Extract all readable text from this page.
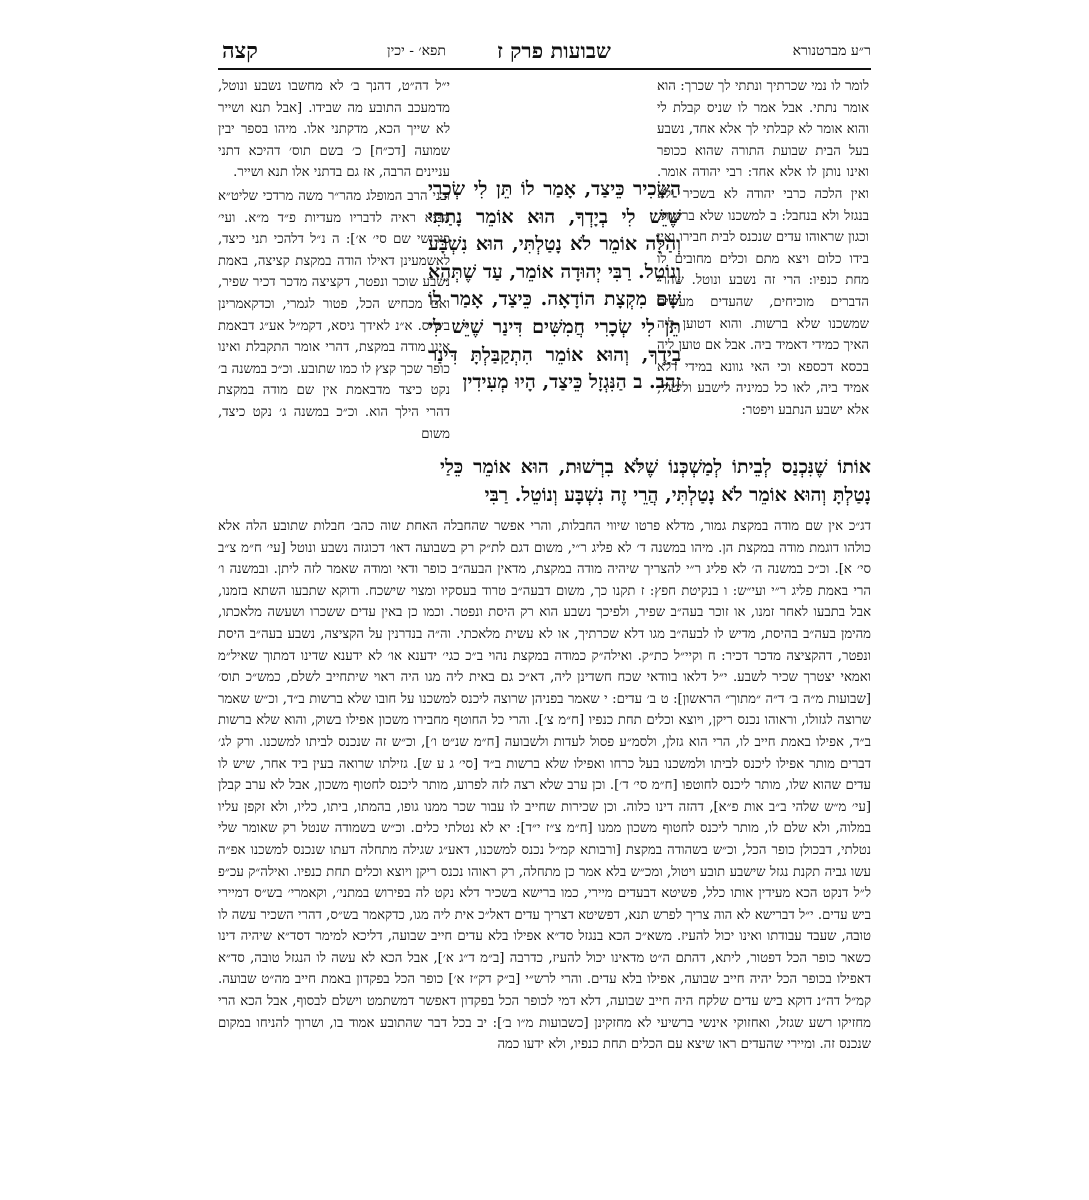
קצה	תפא׳ - יכין שבועות פרק ז	ר״ע מברטנורא
לומר לו נמי שכרתיך ונתתי לך שכרך: הוא אומר נתתי. אבל אמר לו שניס קבלת לי והוא אומר לא קבלתי לך אלא אחד, נשבע בעל הבית שבועת התורה שהוא ככופר ואינו נותן לו אלא אחד: רבי יהודה אומר. ואין הלכה כרבי יהודה לא בשכיר ולא בנגזל ולא בנחבל: ב למשכנו שלא ברשות. וכגון שראוהו עדים שנכנס לבית חבירו ואין בידו כלום ויצא מתם וכלים מחובים לו מחת כנפיו: הרי זה נשבע ונוטל. שהרי הדברים מוכיחים, שהעדים מעידים שמשכנו שלא ברשות. והוא דטוען ליה האיך כמידי דאמיד ביה. אבל אם טוען ליה בכסא דכספא וכי האי גוונא במידי דלא אמיד ביה, לאו כל כמיניה לישבע וליטול, אלא ישבע הנתבע ויפטר:
י״ל דה״ט, דהנך ב׳ לא מחשבו נשבע ונוטל, מדמעכב התובע מה שבידו. [אבל תנא ושייר לא שייך הכא, מדקתני אלו. מיהו בספר יבין שמועה [דכ״ח] כ׳ בשם תוס׳ דהיכא דתני עניינים הרבה, אז גם בדתני אלו תנא ושייר.
ובני הרב המופלג מהר״ר משה מרדכי שליט״א הביא ראיה לדבריו מעדיות פ״ד מ״א. ועי׳ פירושי שם סי׳ א׳]: ה נ״ל דלהכי תני כיצד, לאשמעינן דאילו הודה במקצת קציצה, באמת נשבע שוכר ונפטר, דקציצה מדכר דכיר שפיר, ואם מכחיש הכל, פטור לגמרי, וכדקאמרינן בש״ס. א״נ לאידך גיסא, דקמ״ל אע״ג דבאמת אינו מודה במקצת, דהרי אומר התקבלת ואינו כופר שכך קצץ לו כמו שתובע. וכ״כ במשנה ב׳ נקט כיצד מדבאמת אין שם מודה במקצת דהרי הילך הוא. וכ״כ במשנה ג׳ נקט כיצד, משום
הַשָּׂכִיר כֵּיצַד, אָמַר לוֹ תֵּן לִי שְׂכָרִי שֶׁיֵּשׁ לִי בְיָדְךָ, הוּא אוֹמֵר נָתַתִּי וְהַלָּה אוֹמֵר לֹא נָטַלְתִּי, הוּא נִשְׁבָּע וְנוֹטֵל. רַבִּי יְהוּדָה אוֹמֵר, עַד שֶׁתְּהֵא שָׁם מִקְצָת הוֹדָאָה. כֵּיצַד, אָמַר לוֹ תֵּן לִי שְׂכָרִי חֲמִשִּׁים דִּינַר שֶׁיֵּשׁ לִי בְיָדְךָ, וְהוּא אוֹמֵר הִתְקַבַּלְתָּ דִּינַר זָהָב. ב הַנִּגְזָל כֵּיצַד, הָיוּ מְעִידִין
אוֹתוֹ שֶׁנִּכְנַס לְבֵיתוֹ לְמַשְׁכְּנוֹ שֶׁלֹּא בִרְשׁוּת, הוּא אוֹמֵר כֵּלַי נָטַלְתָּ וְהוּא אוֹמֵר לֹא נָטַלְתִּי, הֲרֵי זֶה נִשְׁבָּע וְנוֹטֵל. רַבִּי
דג״כ אין שם מודה במקצת גמור, מדלא פרטו שיווי החבלות, והרי אפשר שהחבלה האחת שוה כהב׳ חבלות שתובע הלה אלא כולהו דוגמת מודה במקצת הן. מיהו במשנה ד׳ לא פליג ר״י, משום דגם לת״ק רק בשבועה דאו׳ דכוגזה נשבע ונוטל [עי׳ ח״מ צ״ב סי׳ א]. וכ״כ במשנה ה׳ לא פליג ר״י להצריך שיהיה מודה במקצת, מדאין הבעה״ב כופר ודאי ומודה שאמר לזה ליתן. ובמשנה ו׳ הרי באמת פליג ר״י ועי״ש: ו בנקיטת חפץ: ז תקנו כך, משום דבעה״ב טרוד בעסקיו ומצוי שישכח. ודוקא שתבעו השתא בזמנו, אבל בתבעו לאחר זמנו, או זוכר בעה״ב שפיר, ולפיכך נשבע הוא רק היסת ונפטר. וכמו כן באין עדים ששכרו ושעשה מלאכתו, מהימן בעה״ב בהיסת, מדיש לו לבעה״ב מגו דלא שכרתיך, או לא עשית מלאכתי. וה״ה בנדרנין על הקציצה, נשבע בעה״ב היסת ונפטר, דהקציצה מדכר דכיר: ח וקיי״ל כת״ק. ואילה״ק כמודה במקצת נהוי ב״כ כגי׳ ידענא או׳ לא ידענא שדינו דמתוך שאיל״מ ואמאי יצטרך שכיר לשבע. י״ל דלאו בוודאי שכח חשדינן ליה, דא״כ גם באית ליה מגו היה ראוי שיתחייב לשלם, כמש״כ תוס׳ [שבועות מ״ה ב׳ ד״ה ״מתוך״ הראשון]: ט ב׳ עדים: י שאמר בפניהן שרוצה ליכנס למשכנו על חובו שלא ברשות ב״ד, וכ״ש שאמר שרוצה לגזולו, וראוהו נכנס ריקן, ויוצא וכלים תחת כנפיו [ח״מ צ׳]. והרי כל החוטף מחבירו משכון אפילו בשוק, והוא שלא ברשות ב״ד, אפילו באמת חייב לו, הרי הוא גזלן, ולסמ״ע פסול לעדות ולשבועה [ח״מ שנ״ט ו׳], וכ״ש זה שנכנס לביתו למשכנו. ורק לג׳ דברים מותר אפילו ליכנס לביתו ולמשכנו בעל כרחו ואפילו שלא ברשות ב״ד [סי׳ ג ע ש]. גזילתו שרואה בעין ביד אחר, שיש לו עדים שהוא שלו, מותר ליכנס לחוטפו [ח״מ סי׳ ד׳]. וכן ערב שלא רצה לזה לפרוע, מותר ליכנס לחטוף משכון, אבל לא ערב קבלן [עי׳ מ״ש שלהי ב״ב אות פ״א], דהזה דינו כלוה. וכן שכירות שחייב לו עבור שכר ממנו גופו, בהמתו, ביתו, כליו, ולא זקפן עליו במלוה, ולא שלם לו, מותר ליכנס לחטוף משכון ממנו [ח״מ צ״ז י״ד]: יא לא נטלתי כלים. וכ״ש בשמודה שנטל רק שאומר שלי נטלתי, דבכולן כופר הכל, וכ״ש בשהודה במקצת [ורבותא קמ״ל נכנס למשכנו, דאע״ג שגילה מתחלה דעתו שנכנס למשכנו אפ״ה עשו גביה תקנת נגזל שישבע תובע ויטול, ומכ״ש בלא אמר כן מתחלה, רק ראוהו נכנס ריקן ויוצא וכלים תחת כנפיו. ואילה״ק עכ״פ ל״ל דנקט הכא מעידין אותו כלל, פשיטא דבעדים מיירי, כמו ברישא בשכיר דלא נקט לה בפירוש במתני׳, וקאמרי׳ בש״ס דמיירי ביש עדים. י״ל דברישא לא הוה צריך לפרש תנא, דפשיטא דצריך עדים דאל״כ אית ליה מגו, כדקאמר בש״ס, דהרי השכיר עשה לו טובה, שעבד עבודתו ואינו יכול להעיז. משא״כ הכא בנגזל סד״א אפילו בלא עדים חייב שבועה, דליכא למימר דסד״א שיהיה דינו כשאר כופר הכל דפטור, ליתא, דהתם ה״ט מדאינו יכול להעיז, כדרבה [ב״מ ד״ג א׳], אבל הכא לא עשה לו הנגזל טובה, סד״א דאפילו בכופר הכל יהיה חייב שבועה, אפילו בלא עדים. והרי לרש״י [ב״ק דק״ז א׳] כופר הכל בפקדון באמת חייב מה״ט שבועה. קמ״ל דה״נ דוקא ביש עדים שלקח היה חייב שבועה, דלא דמי לכופר הכל בפקדון דאפשר דמשתמט וישלם לבסוף, אבל הכא הרי מחזיקו רשע שגזל, ואחזוקי אינשי ברשיעי לא מחזקינן [כשבועות מ״ו ב׳]: יב בכל דבר שהתובע אמוד בו, ושרוך להניחו במקום שנכנס זה. ומיירי שהעדים ראו שיצא עם הכלים תחת כנפיו, ולא ידעו כמה
